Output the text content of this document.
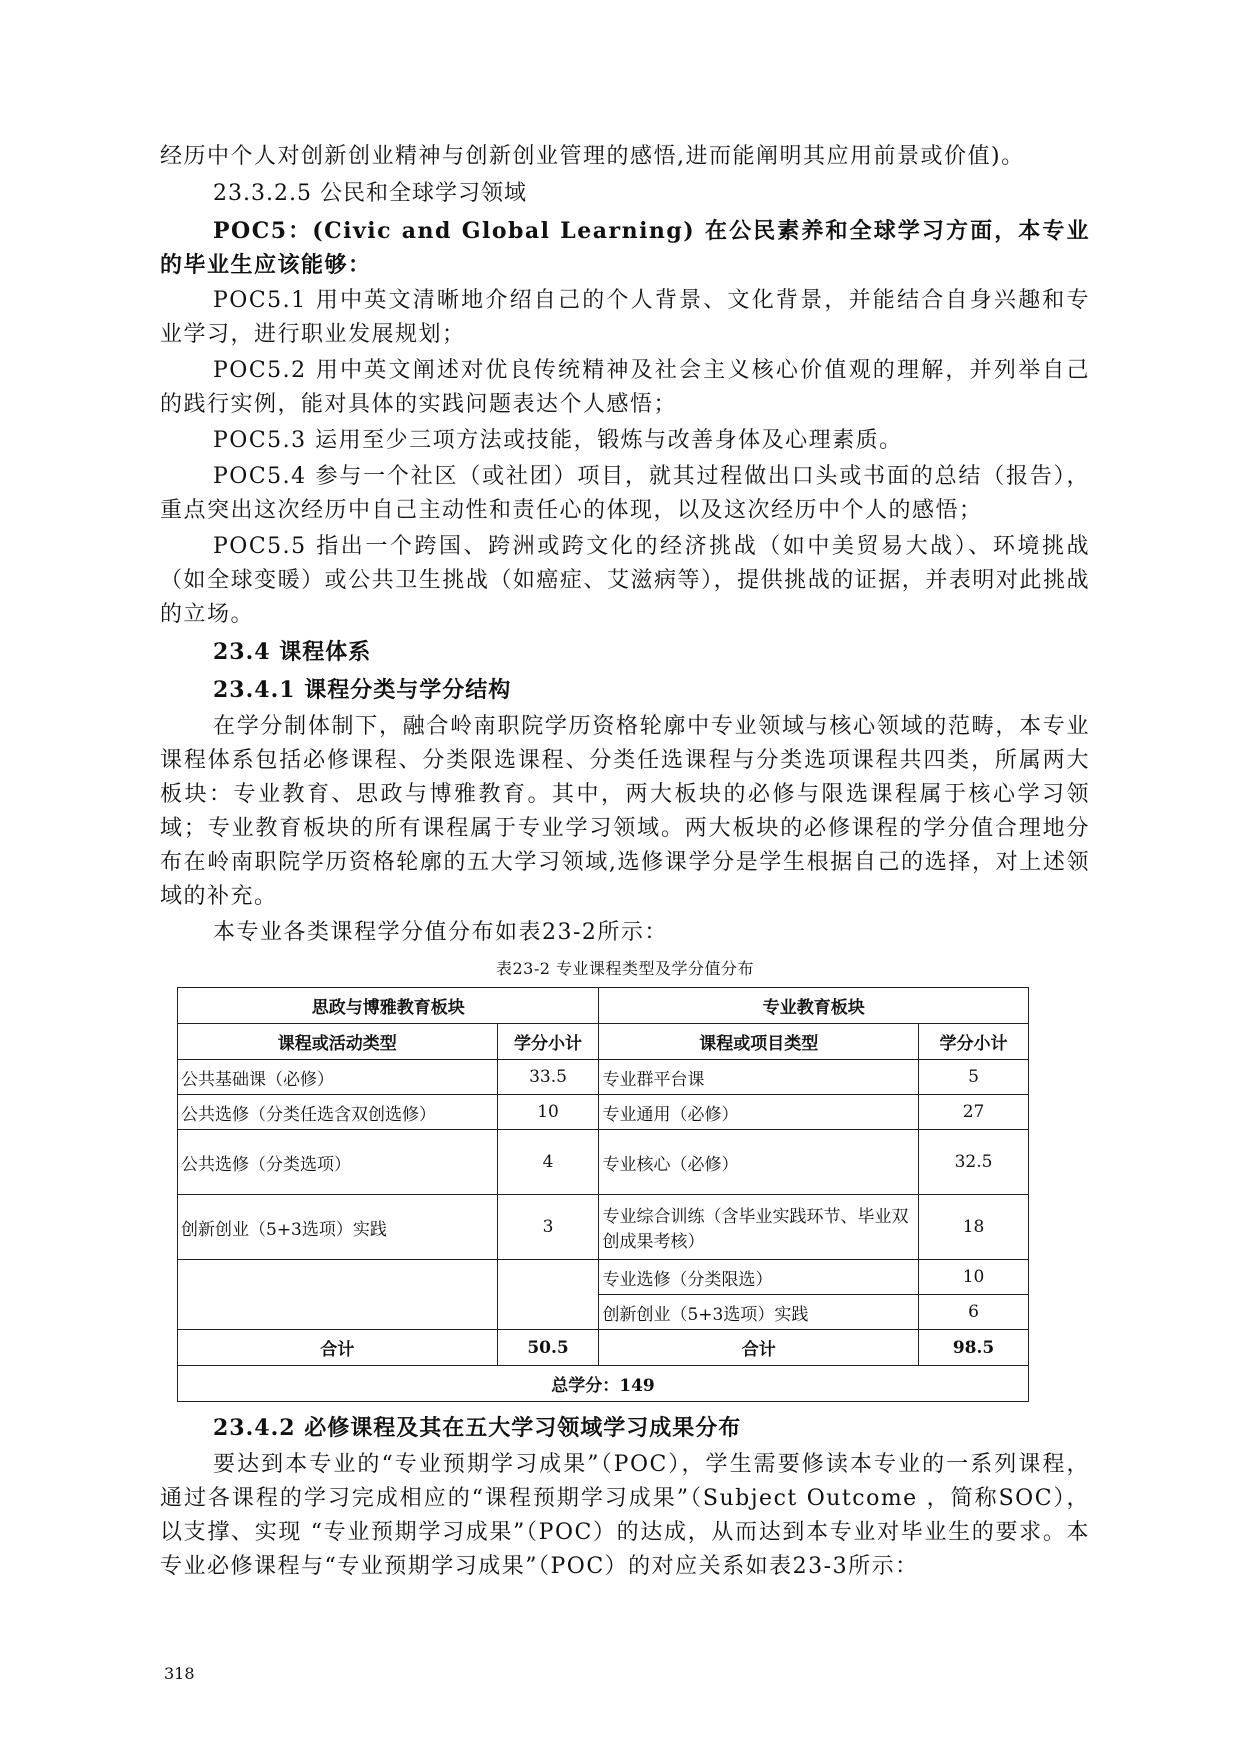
经历中个人对创新创业精神与创新创业管理的感悟,进而能阐明其应用前景或价值)。

23.3.2.5 公民和全球学习领域

POC5：(Civic and Global Learning) 在公民素养和全球学习方面，本专业的毕业生应该能够：

POC5.1 用中英文清晰地介绍自己的个人背景、文化背景，并能结合自身兴趣和专业学习，进行职业发展规划；

POC5.2 用中英文阐述对优良传统精神及社会主义核心价值观的理解，并列举自己的践行实例，能对具体的实践问题表达个人感悟；

POC5.3 运用至少三项方法或技能，锻炼与改善身体及心理素质。

POC5.4 参与一个社区（或社团）项目，就其过程做出口头或书面的总结（报告），重点突出这次经历中自己主动性和责任心的体现，以及这次经历中个人的感悟；

POC5.5 指出一个跨国、跨洲或跨文化的经济挑战（如中美贸易大战）、环境挑战（如全球变暖）或公共卫生挑战（如癌症、艾滋病等），提供挑战的证据，并表明对此挑战的立场。

23.4 课程体系

23.4.1 课程分类与学分结构

在学分制体制下，融合岭南职院学历资格轮廓中专业领域与核心领域的范畴，本专业课程体系包括必修课程、分类限选课程、分类任选课程与分类选项课程共四类，所属两大板块：专业教育、思政与博雅教育。其中，两大板块的必修与限选课程属于核心学习领域；专业教育板块的所有课程属于专业学习领域。两大板块的必修课程的学分值合理地分布在岭南职院学历资格轮廓的五大学习领域,选修课学分是学生根据自己的选择，对上述领域的补充。

本专业各类课程学分值分布如表23-2所示：

表23-2 专业课程类型及学分值分布
思政与博雅教育板块		专业教育板块	
课程或活动类型	学分小计	课程或项目类型	学分小计
公共基础课（必修）	33.5	专业群平台课	5
公共选修（分类任选含双创选修）	10	专业通用（必修）	27
公共选修（分类选项）	4	专业核心（必修）	32.5
创新创业（5+3选项）实践	3	专业综合训练（含毕业实践环节、毕业双创成果考核）	18
		专业选修（分类限选）	10
		创新创业（5+3选项）实践	6
合计	50.5	合计	98.5
总学分：149			

23.4.2 必修课程及其在五大学习领域学习成果分布

要达到本专业的“专业预期学习成果”（POC），学生需要修读本专业的一系列课程，通过各课程的学习完成相应的“课程预期学习成果”（Subject Outcome ，简称SOC），以支撑、实现 “专业预期学习成果”（POC）的达成，从而达到本专业对毕业生的要求。本专业必修课程与“专业预期学习成果”（POC）的对应关系如表23-3所示：

318
